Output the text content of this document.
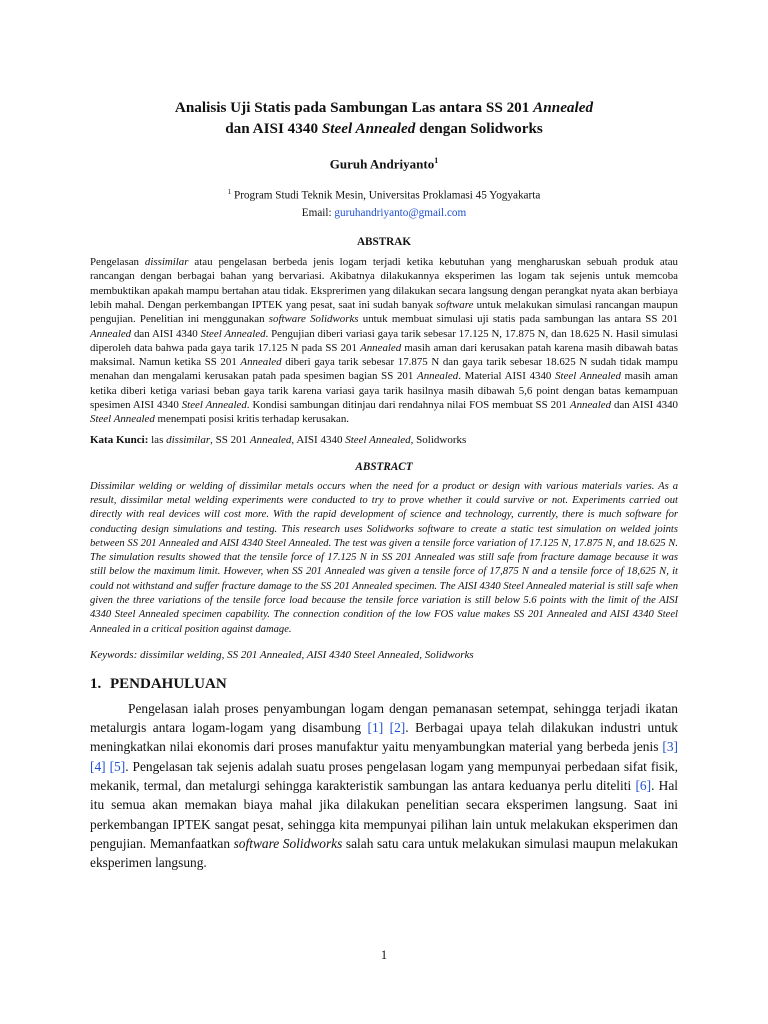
Analisis Uji Statis pada Sambungan Las antara SS 201 Annealed
dan AISI 4340 Steel Annealed dengan Solidworks
Guruh Andriyanto$^1$
$^1$ Program Studi Teknik Mesin, Universitas Proklamasi 45 Yogyakarta
Email: guruhandriyanto@gmail.com
ABSTRAK
Pengelasan dissimilar atau pengelasan berbeda jenis logam terjadi ketika kebutuhan yang mengharuskan sebuah produk atau rancangan dengan berbagai bahan yang bervariasi. Akibatnya dilakukannya eksperimen las logam tak sejenis untuk memcoba membuktikan apakah mampu bertahan atau tidak. Eksprerimen yang dilakukan secara langsung dengan perangkat nyata akan berbiaya lebih mahal. Dengan perkembangan IPTEK yang pesat, saat ini sudah banyak software untuk melakukan simulasi rancangan maupun pengujian. Penelitian ini menggunakan software Solidworks untuk membuat simulasi uji statis pada sambungan las antara SS 201 Annealed dan AISI 4340 Steel Annealed. Pengujian diberi variasi gaya tarik sebesar 17.125 N, 17.875 N, dan 18.625 N. Hasil simulasi diperoleh data bahwa pada gaya tarik 17.125 N pada SS 201 Annealed masih aman dari kerusakan patah karena masih dibawah batas maksimal. Namun ketika SS 201 Annealed diberi gaya tarik sebesar 17.875 N dan gaya tarik sebesar 18.625 N sudah tidak mampu menahan dan mengalami kerusakan patah pada spesimen bagian SS 201 Annealed. Material AISI 4340 Steel Annealed masih aman ketika diberi ketiga variasi beban gaya tarik karena variasi gaya tarik hasilnya masih dibawah 5,6 point dengan batas kemampuan spesimen AISI 4340 Steel Annealed. Kondisi sambungan ditinjau dari rendahnya nilai FOS membuat SS 201 Annealed dan AISI 4340 Steel Annealed menempati posisi kritis terhadap kerusakan.
Kata Kunci: las dissimilar, SS 201 Annealed, AISI 4340 Steel Annealed, Solidworks
ABSTRACT
Dissimilar welding or welding of dissimilar metals occurs when the need for a product or design with various materials varies. As a result, dissimilar metal welding experiments were conducted to try to prove whether it could survive or not. Experiments carried out directly with real devices will cost more. With the rapid development of science and technology, currently, there is much software for conducting design simulations and testing. This research uses Solidworks software to create a static test simulation on welded joints between SS 201 Annealed and AISI 4340 Steel Annealed. The test was given a tensile force variation of 17.125 N, 17.875 N, and 18.625 N. The simulation results showed that the tensile force of 17.125 N in SS 201 Annealed was still safe from fracture damage because it was still below the maximum limit. However, when SS 201 Annealed was given a tensile force of 17,875 N and a tensile force of 18,625 N, it could not withstand and suffer fracture damage to the SS 201 Annealed specimen. The AISI 4340 Steel Annealed material is still safe when given the three variations of the tensile force load because the tensile force variation is still below 5.6 points with the limit of the AISI 4340 Steel Annealed specimen capability. The connection condition of the low FOS value makes SS 201 Annealed and AISI 4340 Steel Annealed in a critical position against damage.
Keywords: dissimilar welding, SS 201 Annealed, AISI 4340 Steel Annealed, Solidworks
1. PENDAHULUAN
Pengelasan ialah proses penyambungan logam dengan pemanasan setempat, sehingga terjadi ikatan metalurgis antara logam-logam yang disambung [1] [2]. Berbagai upaya telah dilakukan industri untuk meningkatkan nilai ekonomis dari proses manufaktur yaitu menyambungkan material yang berbeda jenis [3] [4] [5]. Pengelasan tak sejenis adalah suatu proses pengelasan logam yang mempunyai perbedaan sifat fisik, mekanik, termal, dan metalurgi sehingga karakteristik sambungan las antara keduanya perlu diteliti [6]. Hal itu semua akan memakan biaya mahal jika dilakukan penelitian secara eksperimen langsung. Saat ini perkembangan IPTEK sangat pesat, sehingga kita mempunyai pilihan lain untuk melakukan eksperimen dan pengujian. Memanfaatkan software Solidworks salah satu cara untuk melakukan simulasi maupun melakukan eksperimen langsung.
1
